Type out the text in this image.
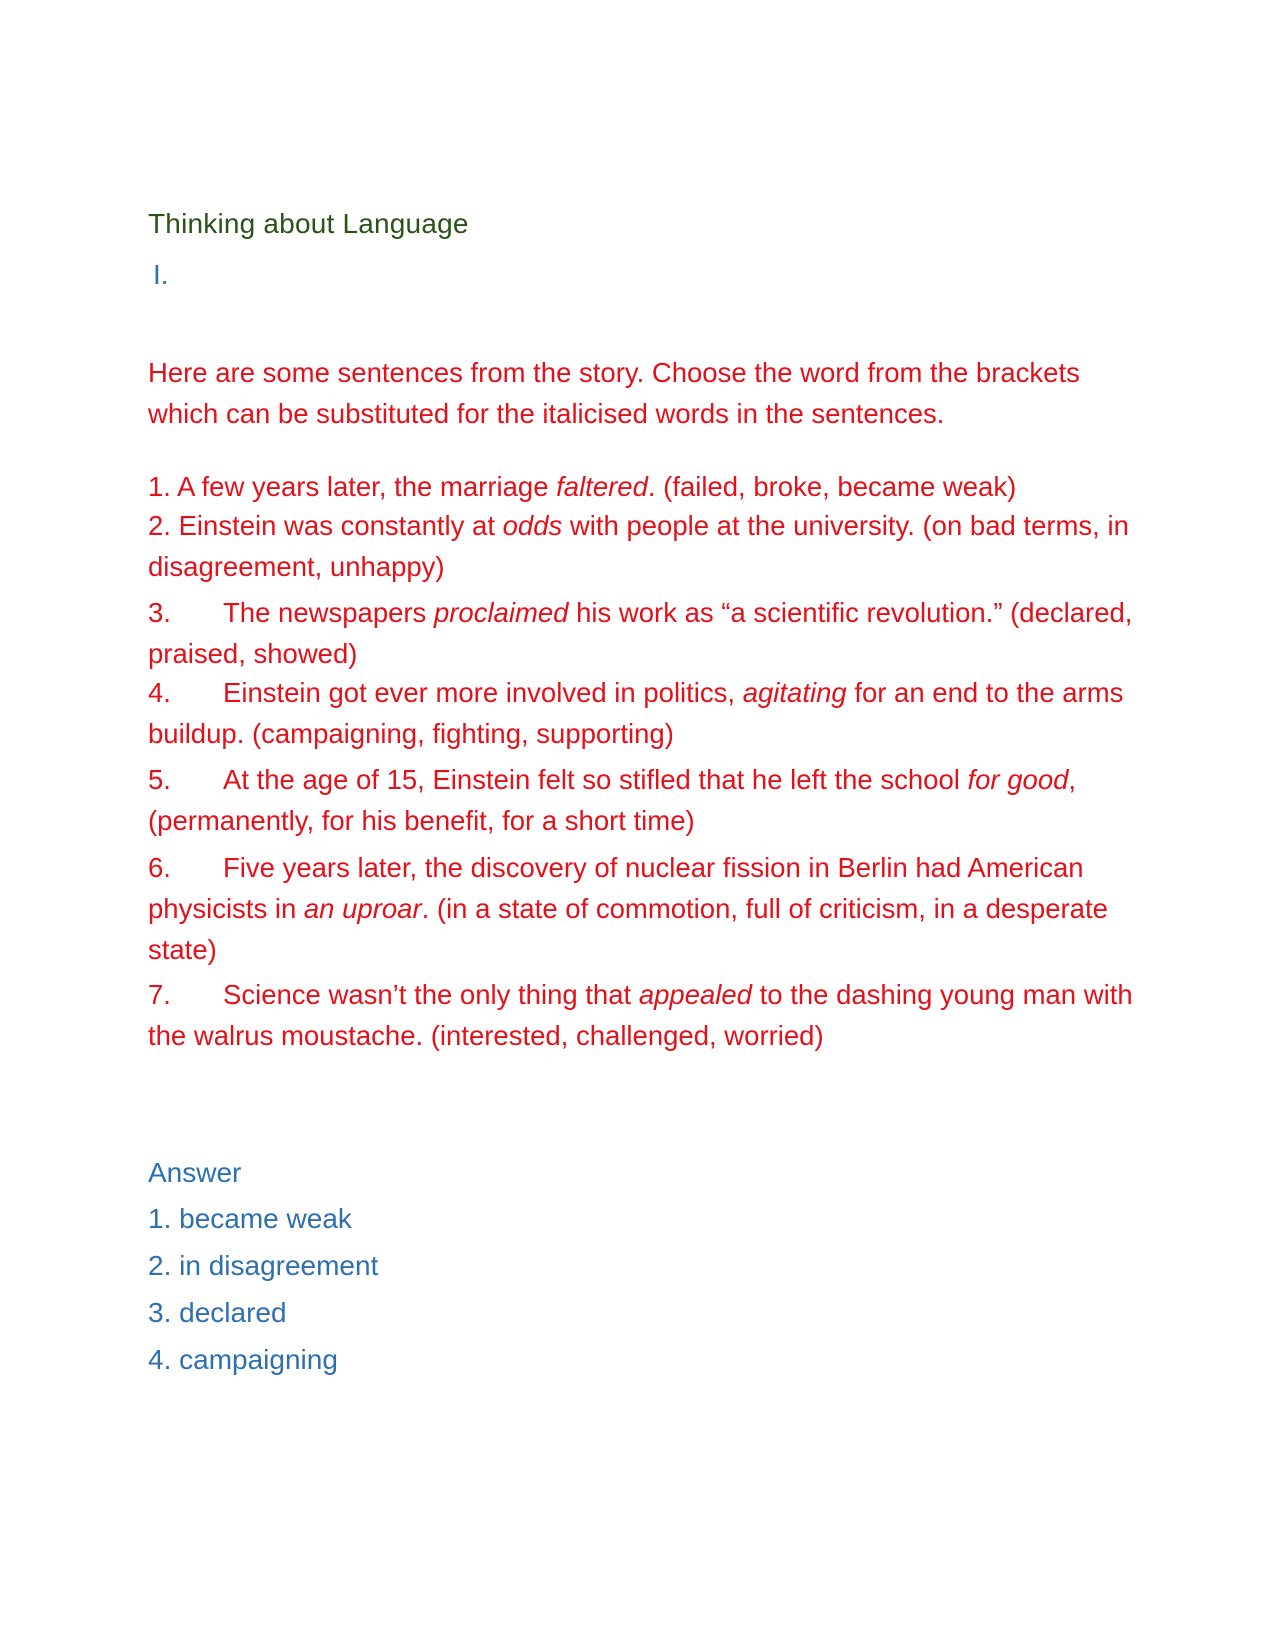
Thinking about Language
I.
Here are some sentences from the story. Choose the word from the brackets which can be substituted for the italicised words in the sentences.
1. A few years later, the marriage faltered. (failed, broke, became weak)
2. Einstein was constantly at odds with people at the university. (on bad terms, in disagreement, unhappy)
3. The newspapers proclaimed his work as “a scientific revolution.” (declared, praised, showed)
4. Einstein got ever more involved in politics, agitating for an end to the arms buildup. (campaigning, fighting, supporting)
5. At the age of 15, Einstein felt so stifled that he left the school for good, (permanently, for his benefit, for a short time)
6. Five years later, the discovery of nuclear fission in Berlin had American physicists in an uproar. (in a state of commotion, full of criticism, in a desperate state)
7. Science wasn’t the only thing that appealed to the dashing young man with the walrus moustache. (interested, challenged, worried)
Answer
1. became weak
2. in disagreement
3. declared
4. campaigning
